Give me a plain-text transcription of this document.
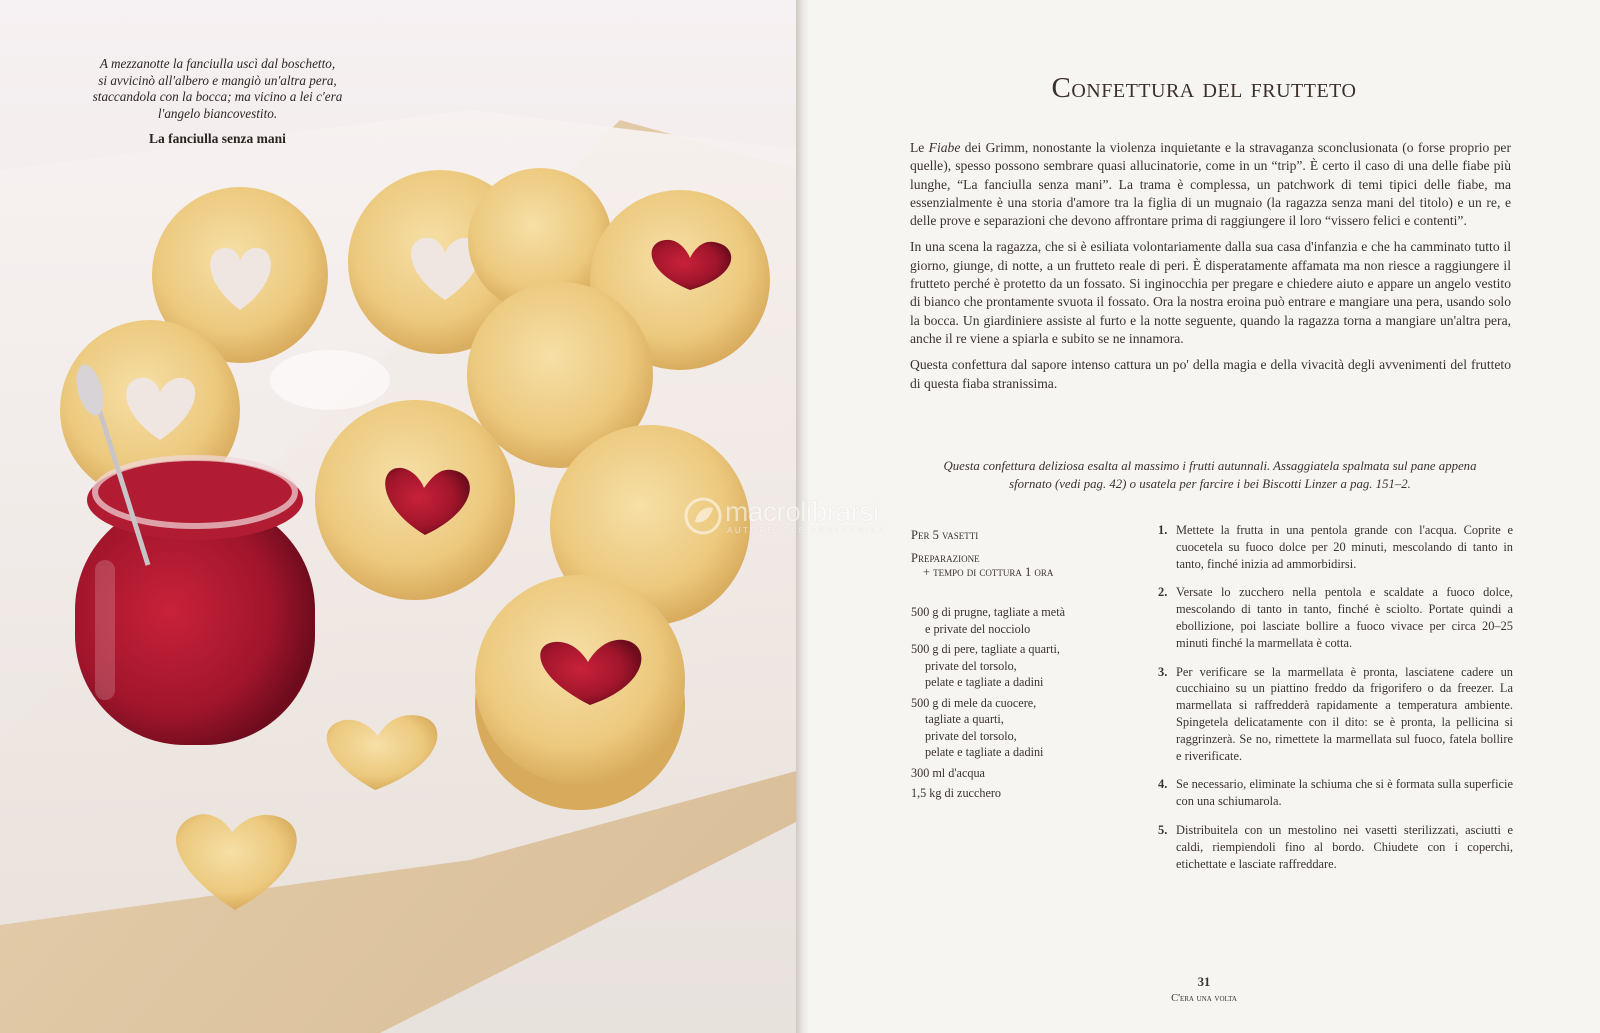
A mezzanotte la fanciulla uscì dal boschetto,
si avvicinò all'albero e mangiò un'altra pera,
staccandola con la bocca; ma vicino a lei c'era
l'angelo biancovestito.

La fanciulla senza mani
Confettura del frutteto

Le Fiabe dei Grimm, nonostante la violenza inquietante e la stravaganza sconclusionata (o forse proprio per quelle), spesso possono sembrare quasi allucinatorie, come in un “trip”. È certo il caso di una delle fiabe più lunghe, “La fanciulla senza mani”. La trama è complessa, un patchwork di temi tipici delle fiabe, ma essenzialmente è una storia d'amore tra la figlia di un mugnaio (la ragazza senza mani del titolo) e un re, e delle prove e separazioni che devono affrontare prima di raggiungere il loro “vissero felici e contenti”.

In una scena la ragazza, che si è esiliata volontariamente dalla sua casa d'infanzia e che ha camminato tutto il giorno, giunge, di notte, a un frutteto reale di peri. È disperatamente affamata ma non riesce a raggiungere il frutteto perché è protetto da un fossato. Si inginocchia per pregare e chiedere aiuto e appare un angelo vestito di bianco che prontamente svuota il fossato. Ora la nostra eroina può entrare e mangiare una pera, usando solo la bocca. Un giardiniere assiste al furto e la notte seguente, quando la ragazza torna a mangiare un'altra pera, anche il re viene a spiarla e subito se ne innamora.

Questa confettura dal sapore intenso cattura un po' della magia e della vivacità degli avvenimenti del frutteto di questa fiaba stranissima.

Questa confettura deliziosa esalta al massimo i frutti autunnali. Assaggiatela spalmata sul pane appena sfornato (vedi pag. 42) o usatela per farcire i bei Biscotti Linzer a pag. 151–2.
Per 5 vasetti
Preparazione
+ tempo di cottura 1 ora
500 g di prugne, tagliate a metà
e private del nocciolo
500 g di pere, tagliate a quarti,
private del torsolo,
pelate e tagliate a dadini
500 g di mele da cuocere,
tagliate a quarti,
private del torsolo,
pelate e tagliate a dadini
300 ml d'acqua
1,5 kg di zucchero
1. Mettete la frutta in una pentola grande con l'acqua. Coprite e cuocetela su fuoco dolce per 20 minuti, mescolando di tanto in tanto, finché inizia ad ammorbidirsi.
2. Versate lo zucchero nella pentola e scaldate a fuoco dolce, mescolando di tanto in tanto, finché è sciolto. Portate quindi a ebollizione, poi lasciate bollire a fuoco vivace per circa 20–25 minuti finché la marmellata è cotta.
3. Per verificare se la marmellata è pronta, lasciatene cadere un cucchiaino su un piattino freddo da frigorifero o da freezer. La marmellata si raffredderà rapidamente a temperatura ambiente. Spingetela delicatamente con il dito: se è pronta, la pellicina si raggrinzerà. Se no, rimettete la marmellata sul fuoco, fatela bollire e riverificate.
4. Se necessario, eliminate la schiuma che si è formata sulla superficie con una schiumarola.
5. Distribuitela con un mestolino nei vasetti sterilizzati, asciutti e caldi, riempiendoli fino al bordo. Chiudete con i coperchi, etichettate e lasciate raffreddare.
31
C'era una volta
macrolibrarsi
AUTOREVOLE FRATERNITÀ
